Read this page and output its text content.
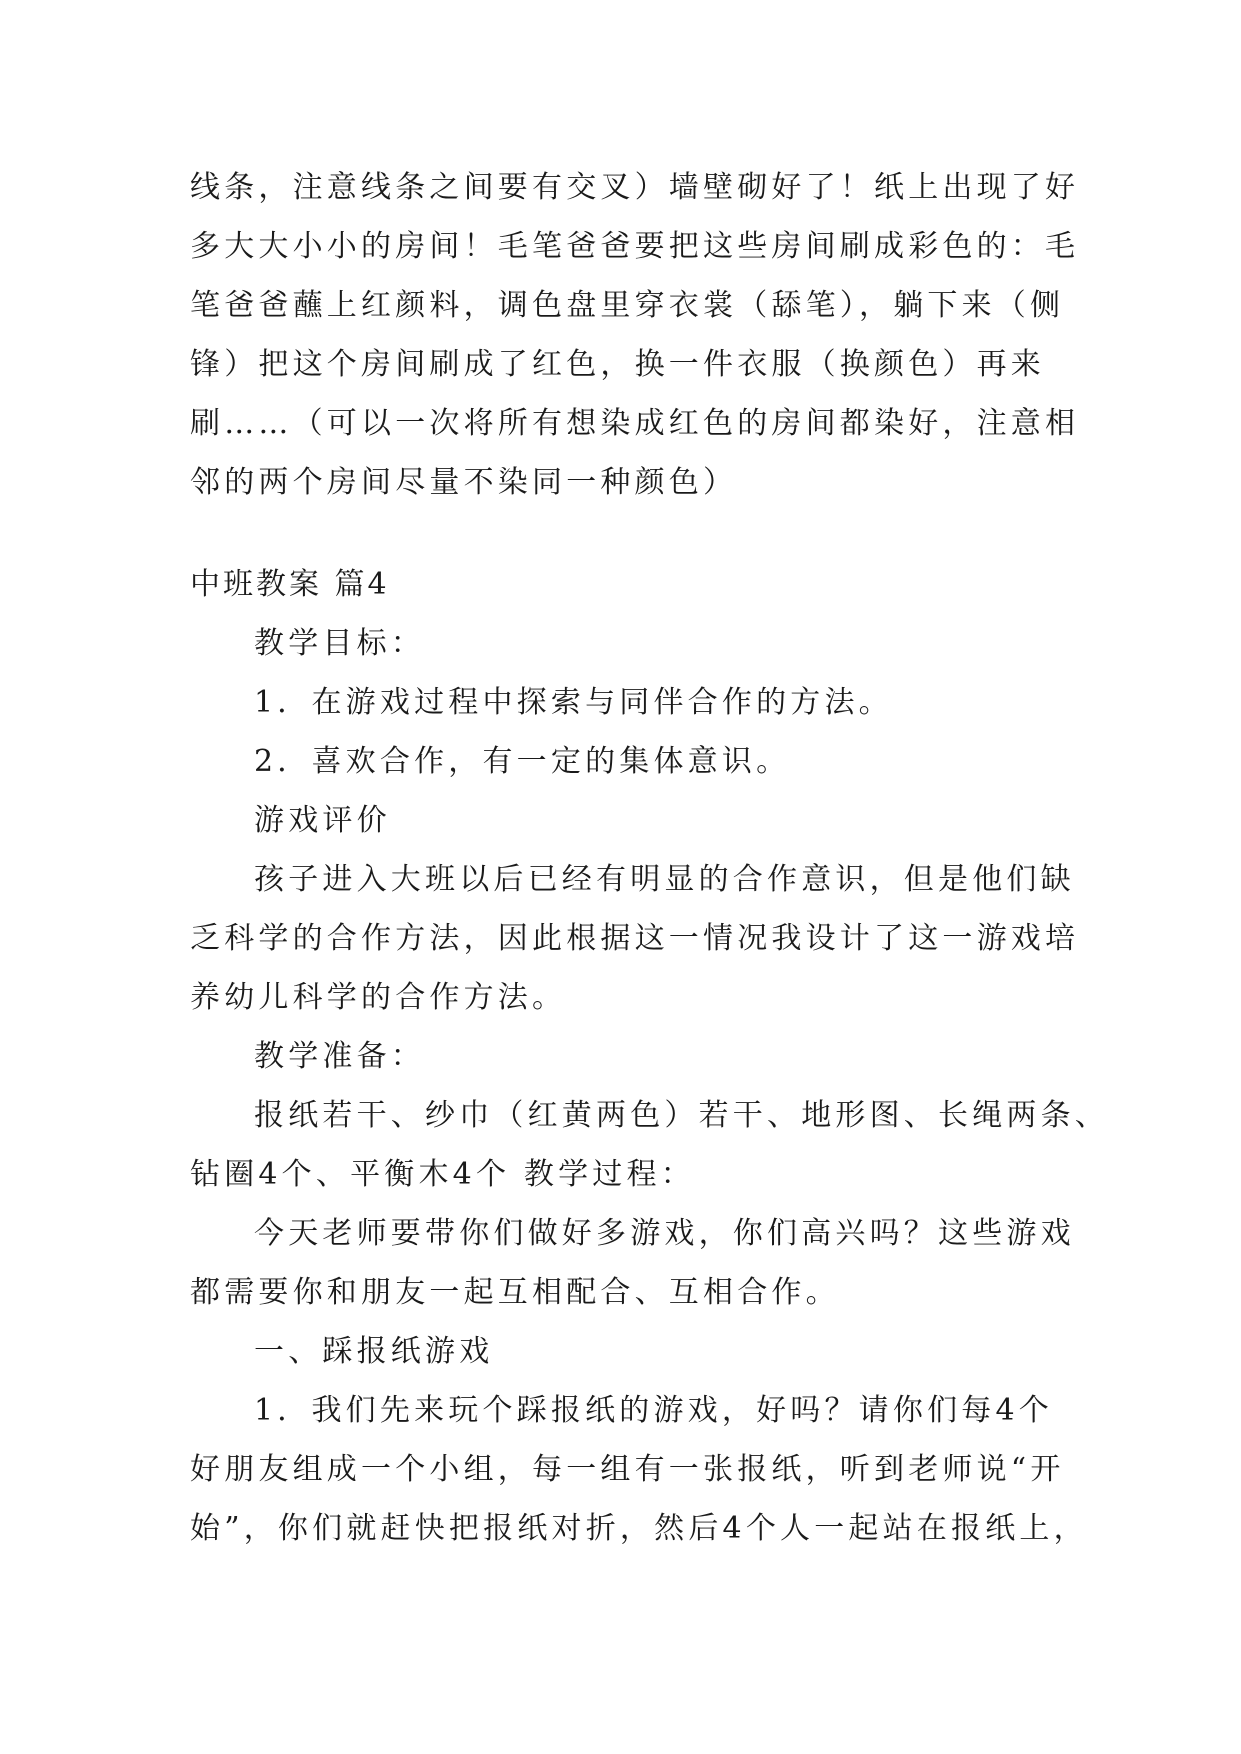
线条，注意线条之间要有交叉）墙壁砌好了！纸上出现了好
多大大小小的房间！毛笔爸爸要把这些房间刷成彩色的：毛
笔爸爸蘸上红颜料，调色盘里穿衣裳（舔笔），躺下来（侧
锋）把这个房间刷成了红色，换一件衣服（换颜色）再来
刷……（可以一次将所有想染成红色的房间都染好，注意相
邻的两个房间尽量不染同一种颜色）
中班教案 篇4
教学目标：
1．在游戏过程中探索与同伴合作的方法。
2．喜欢合作，有一定的集体意识。
游戏评价
孩子进入大班以后已经有明显的合作意识，但是他们缺
乏科学的合作方法，因此根据这一情况我设计了这一游戏培
养幼儿科学的合作方法。
教学准备：
报纸若干、纱巾（红黄两色）若干、地形图、长绳两条、
钻圈4个、平衡木4个 教学过程：
今天老师要带你们做好多游戏，你们高兴吗？这些游戏
都需要你和朋友一起互相配合、互相合作。
一、踩报纸游戏
1．我们先来玩个踩报纸的游戏，好吗？请你们每4个
好朋友组成一个小组，每一组有一张报纸，听到老师说“开
始”，你们就赶快把报纸对折，然后4个人一起站在报纸上，
